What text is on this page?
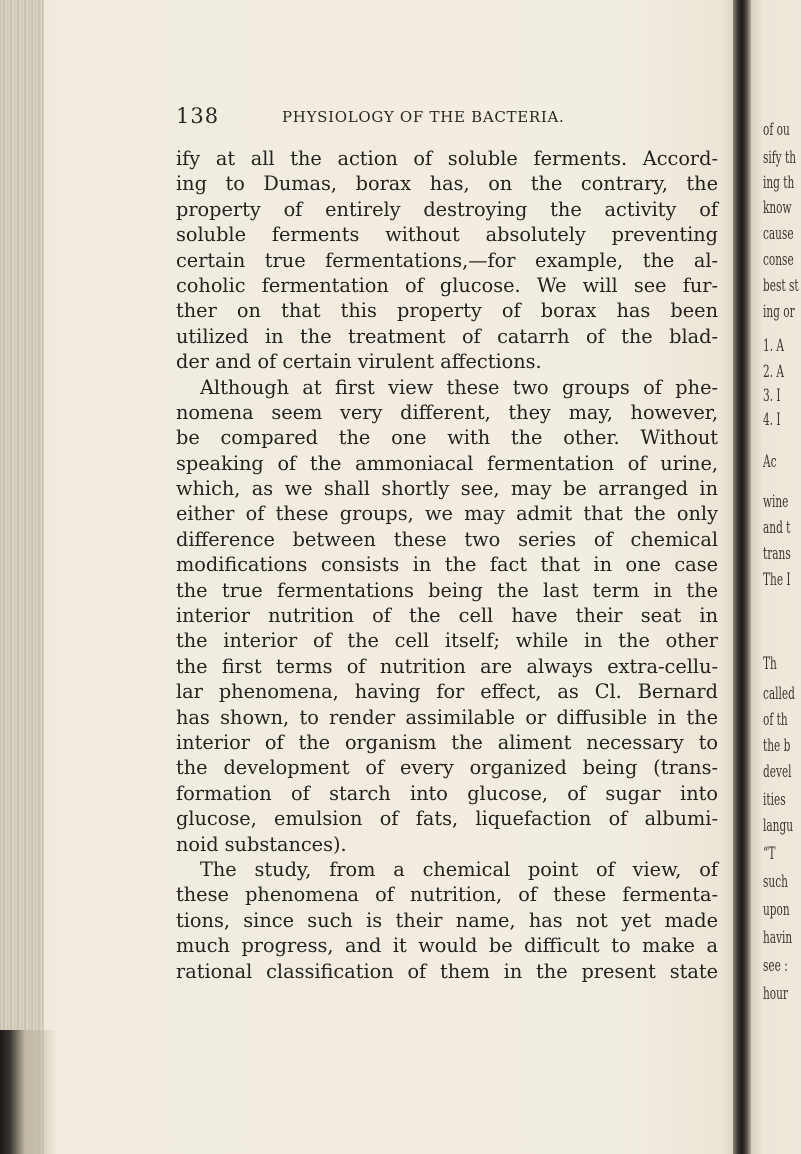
138	PHYSIOLOGY OF THE BACTERIA.
ify at all the action of soluble ferments. Accord-
ing to Dumas, borax has, on the contrary, the
property of entirely destroying the activity of
soluble ferments without absolutely preventing
certain true fermentations,—for example, the al-
coholic fermentation of glucose. We will see fur-
ther on that this property of borax has been
utilized in the treatment of catarrh of the blad-
der and of certain virulent affections.
Although at first view these two groups of phe-
nomena seem very different, they may, however,
be compared the one with the other. Without
speaking of the ammoniacal fermentation of urine,
which, as we shall shortly see, may be arranged in
either of these groups, we may admit that the only
difference between these two series of chemical
modifications consists in the fact that in one case
the true fermentations being the last term in the
interior nutrition of the cell have their seat in
the interior of the cell itself; while in the other
the first terms of nutrition are always extra-cellu-
lar phenomena, having for effect, as Cl. Bernard
has shown, to render assimilable or diffusible in the
interior of the organism the aliment necessary to
the development of every organized being (trans-
formation of starch into glucose, of sugar into
glucose, emulsion of fats, liquefaction of albumi-
noid substances).
The study, from a chemical point of view, of
these phenomena of nutrition, of these fermenta-
tions, since such is their name, has not yet made
much progress, and it would be difficult to make a
rational classification of them in the present state
of ou
sify th
ing th
know
cause
conse
best st
ing or
1. A
2. A
3. I
4. I
Ac
wine
and t
trans
The I
Th
called
of th
the b
devel
ities
langu
“T
such
upon
havin
see :
hour
